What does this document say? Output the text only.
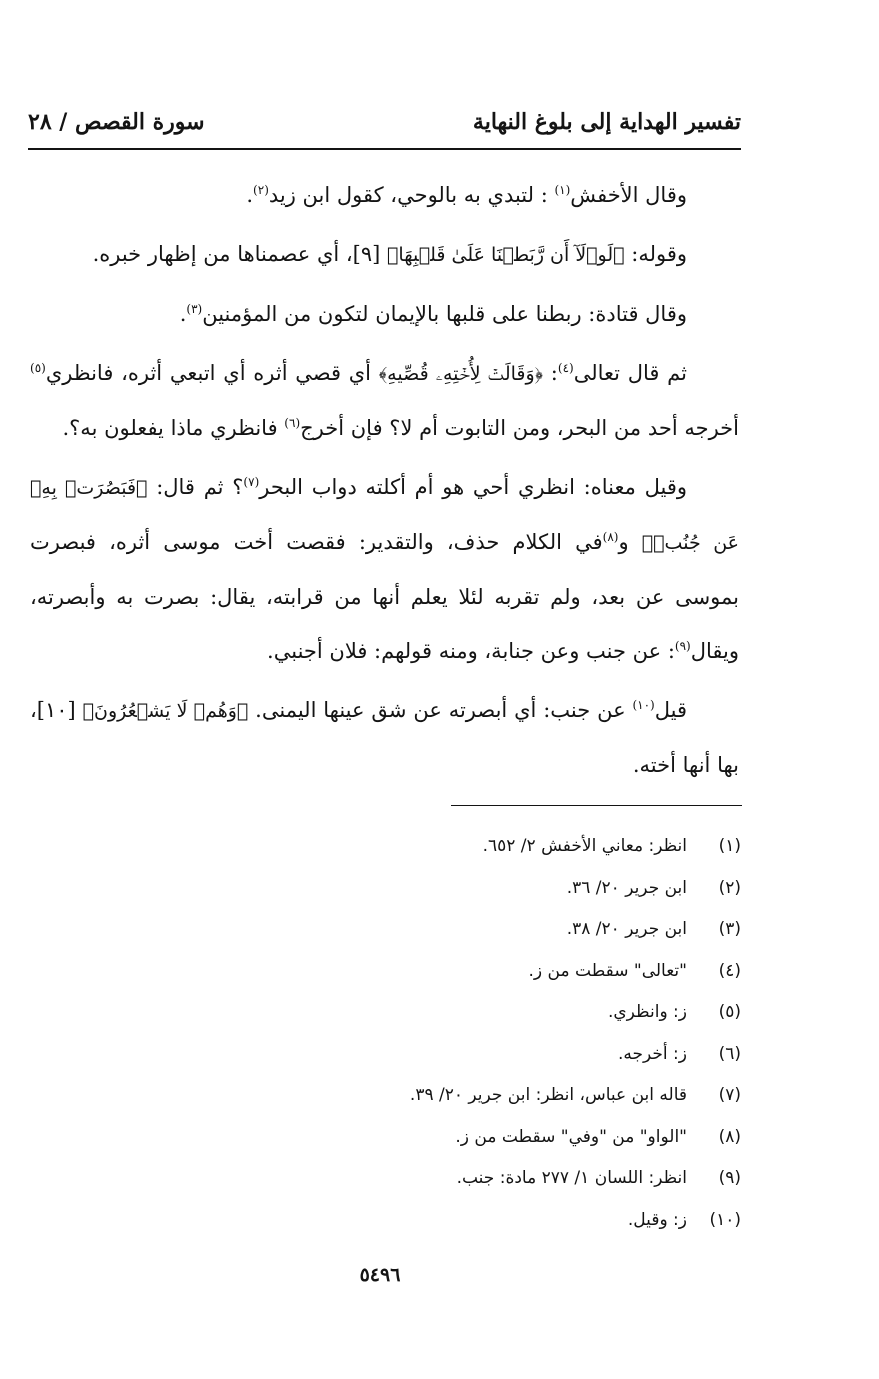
تفسير الهداية إلى بلوغ النهاية
سورة القصص / ٢٨

وقال الأخفش$^{(١)}$ : لتبدي به بالوحي، كقول ابن زيد$^{(٢)}$.

وقوله: ﴿لَوۡلَآ أَن رَّبَطۡنَا عَلَىٰ قَلۡبِهَا﴾ [٩]، أي عصمناها من إظهار خبره.

وقال قتادة: ربطنا على قلبها بالإيمان لتكون من المؤمنين$^{(٣)}$.

ثم قال تعالى$^{(٤)}$: ﴿وَقَالَتۡ لِأُخۡتِهِۦ قُصِّيهِ﴾ أي قصي أثره أي اتبعي أثره، فانظري$^{(٥)}$ أخرجه أحد من البحر، ومن التابوت أم لا؟ فإن أخرج$^{(٦)}$ فانظري ماذا يفعلون به؟.

وقيل معناه: انظري أحي هو أم أكلته دواب البحر$^{(٧)}$؟ ثم قال: ﴿فَبَصُرَتۡ بِهِۦ عَن جُنُبٖ﴾ و$^{(٨)}$في الكلام حذف، والتقدير: فقصت أخت موسى أثره، فبصرت بموسى عن بعد، ولم تقربه لئلا يعلم أنها من قرابته، يقال: بصرت به وأبصرته، ويقال$^{(٩)}$: عن جنب وعن جنابة، ومنه قولهم: فلان أجنبي.

قيل$^{(١٠)}$ عن جنب: أي أبصرته عن شق عينها اليمنى. ﴿وَهُمۡ لَا يَشۡعُرُونَ﴾ [١٠]، بها أنها أخته.

(١)
انظر: معاني الأخفش ٢/ ٦٥٢.
(٢)
ابن جرير ٢٠/ ٣٦.
(٣)
ابن جرير ٢٠/ ٣٨.
(٤)
"تعالى" سقطت من ز.
(٥)
ز: وانظري.
(٦)
ز: أخرجه.
(٧)
قاله ابن عباس، انظر: ابن جرير ٢٠/ ٣٩.
(٨)
"الواو" من "وفي" سقطت من ز.
(٩)
انظر: اللسان ١/ ٢٧٧ مادة: جنب.
(١٠)
ز: وقيل.
٥٤٩٦
